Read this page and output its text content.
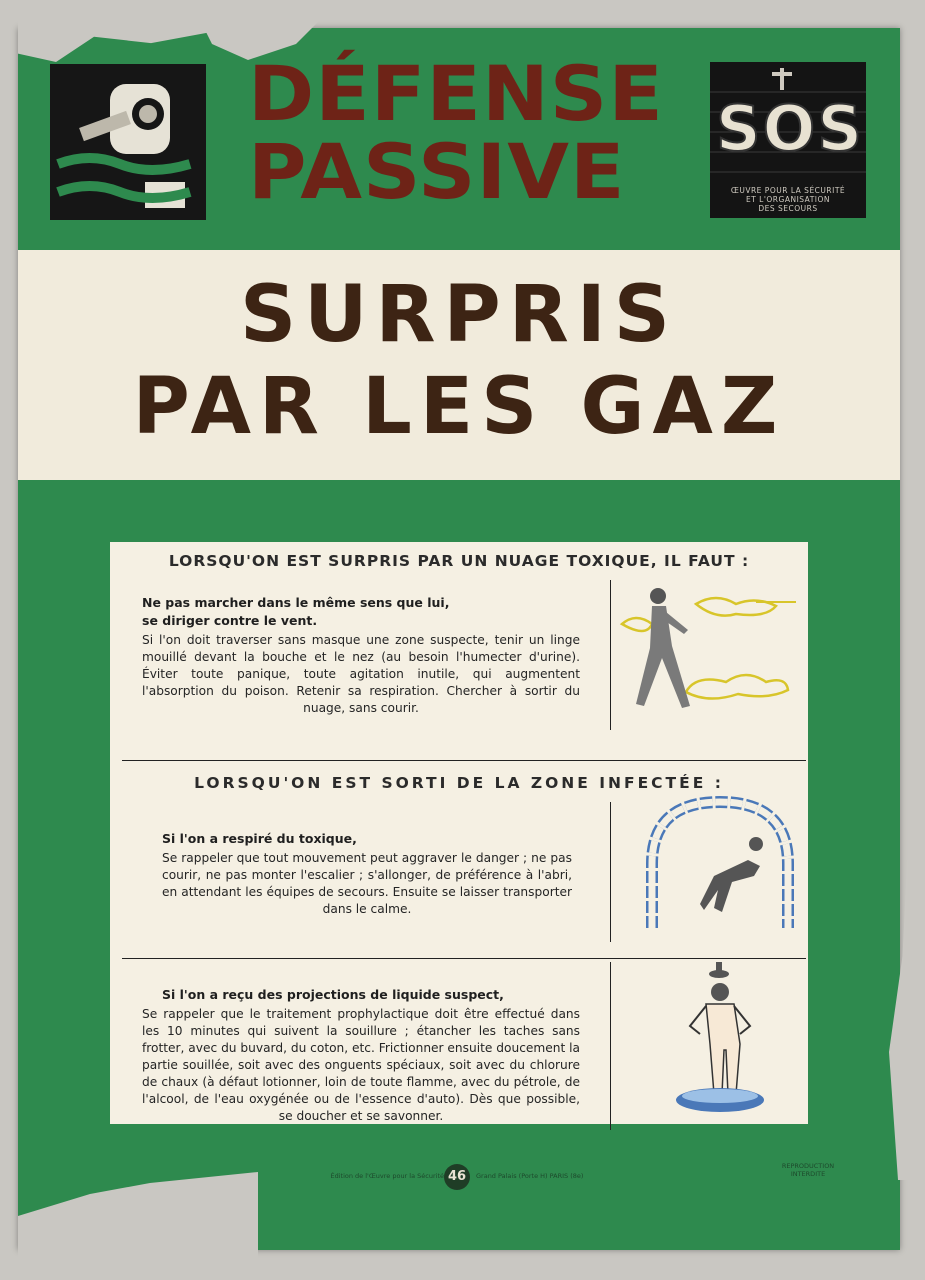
DÉFENSE
PASSIVE SOS
ŒUVRE POUR LA SÉCURITÉ
ET L'ORGANISATION
DES SECOURS
SURPRIS
PAR LES GAZ
LORSQU'ON EST SURPRIS PAR UN NUAGE TOXIQUE, IL FAUT :
Ne pas marcher dans le même sens que lui,
se diriger contre le vent.
Si l'on doit traverser sans masque une zone suspecte, tenir un linge mouillé devant la bouche et le nez (au besoin l'humecter d'urine). Éviter toute panique, toute agitation inutile, qui augmentent l'absorption du poison. Retenir sa respiration. Chercher à sortir du nuage, sans courir.
LORSQU'ON EST SORTI DE LA ZONE INFECTÉE :
Si l'on a respiré du toxique,
Se rappeler que tout mouvement peut aggraver le danger ; ne pas courir, ne pas monter l'escalier ; s'allonger, de préférence à l'abri, en attendant les équipes de secours. Ensuite se laisser transporter dans le calme.
Si l'on a reçu des projections de liquide suspect,
Se rappeler que le traitement prophylactique doit être effectué dans les 10 minutes qui suivent la souillure ; étancher les taches sans frotter, avec du buvard, du coton, etc. Frictionner ensuite doucement la partie souillée, soit avec des onguents spéciaux, soit avec du chlorure de chaux (à défaut lotionner, loin de toute flamme, avec du pétrole, de l'alcool, de l'eau oxygénée ou de l'essence d'auto). Dès que possible, se doucher et se savonner.

Édition de l'Œuvre pour la Sécurité 46	Grand Palais (Porte H) PARIS (8e)
REPRODUCTION
INTERDITE
